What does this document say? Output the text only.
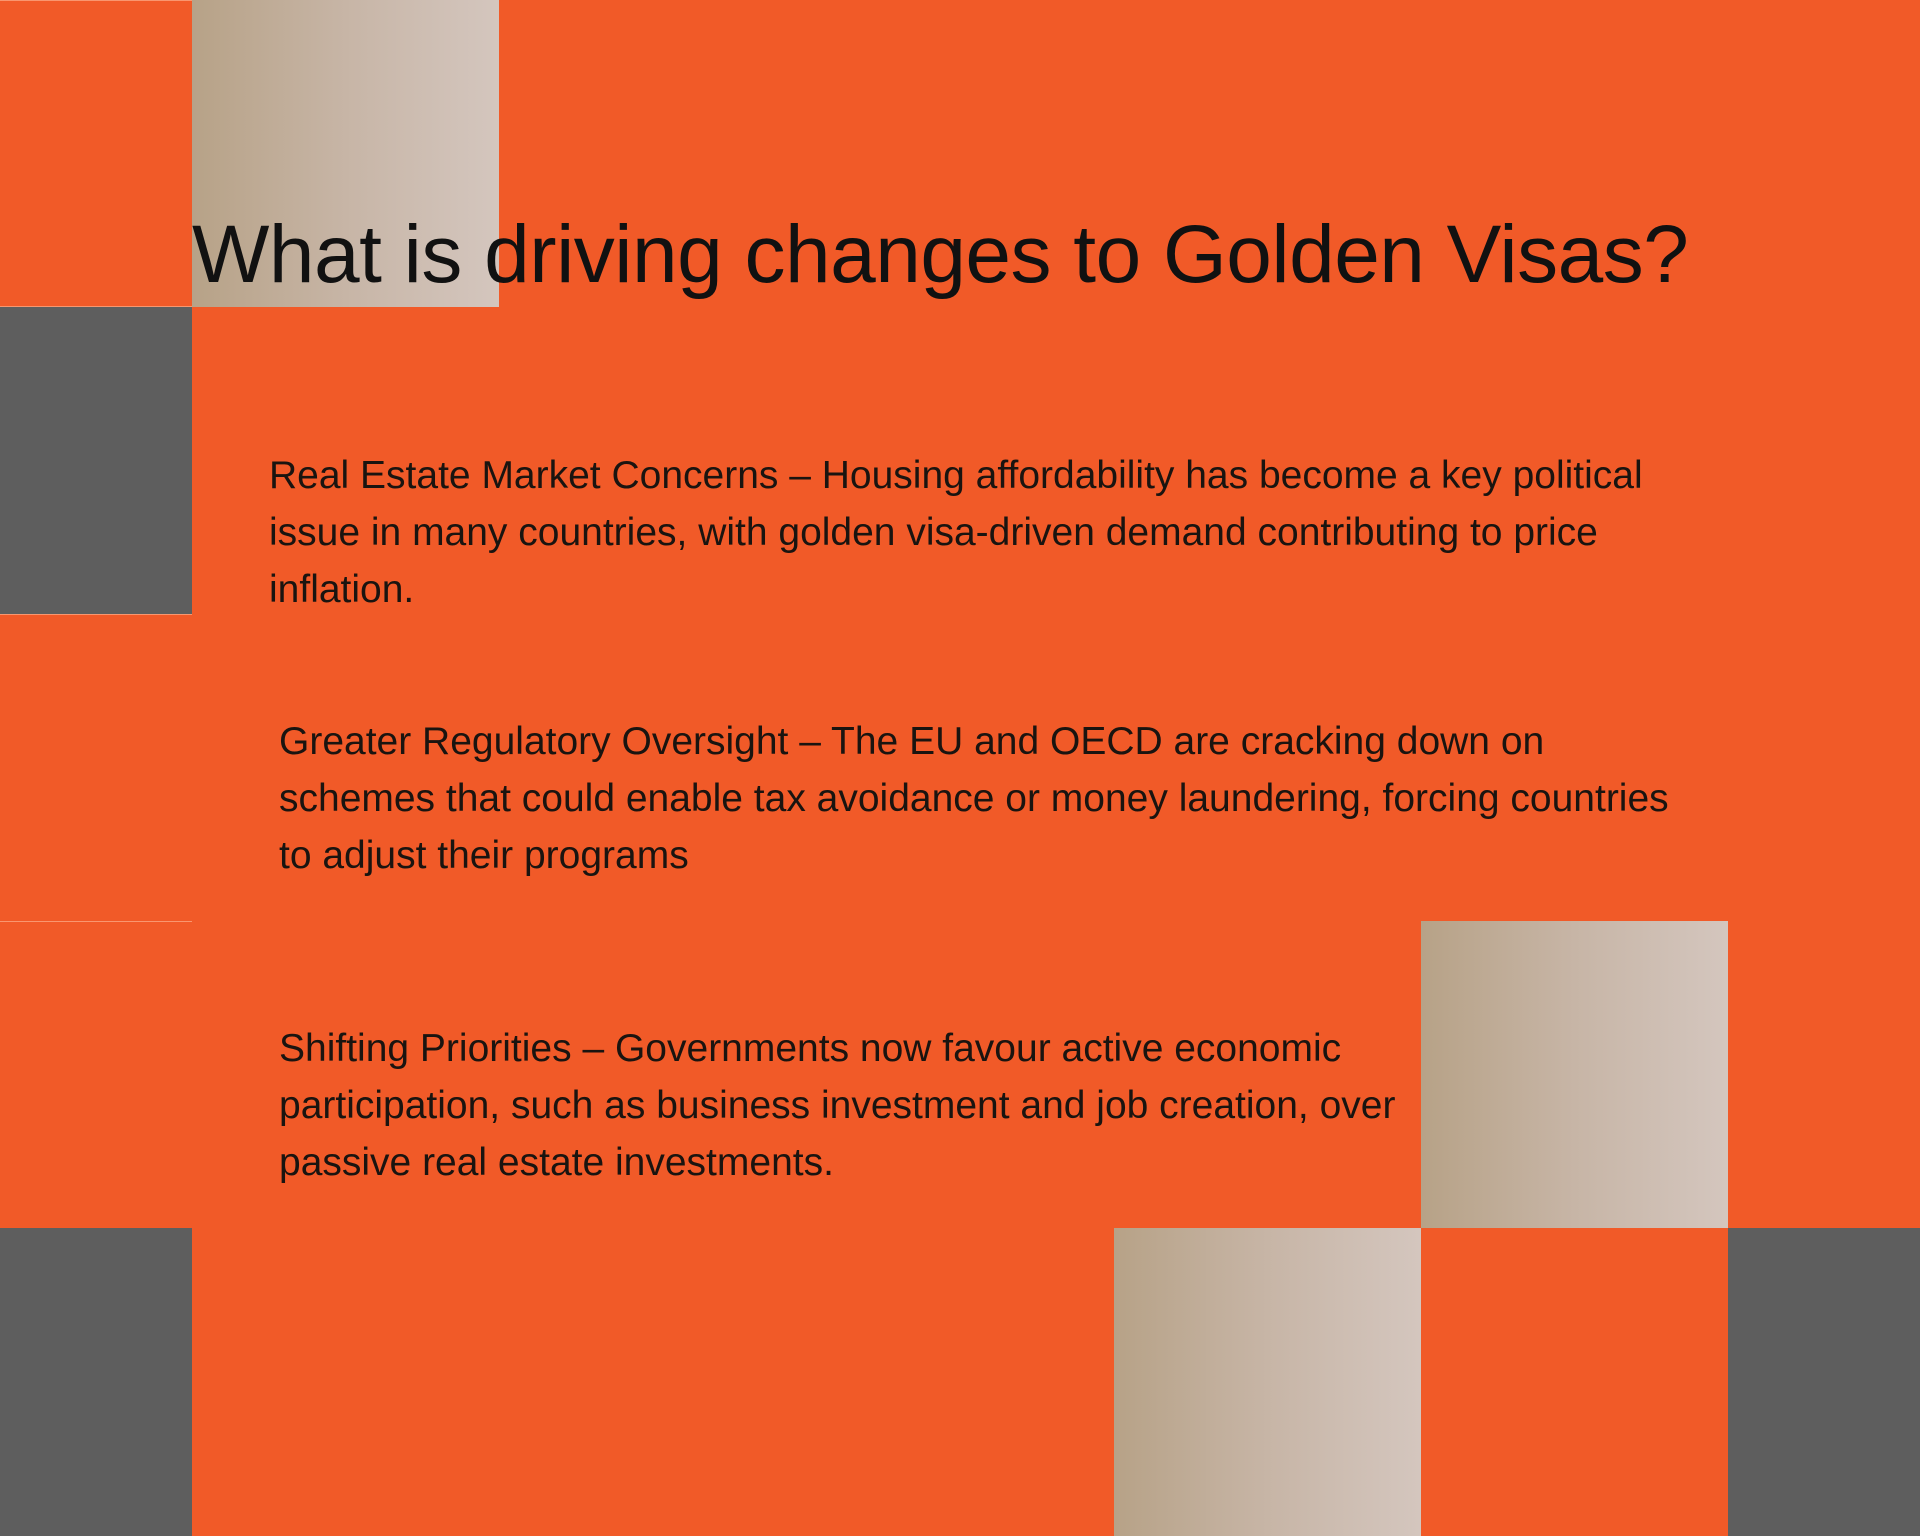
What is driving changes to Golden Visas?

Real Estate Market Concerns – Housing affordability has become a key political issue in many countries, with golden visa-driven demand contributing to price inflation.

Greater Regulatory Oversight – The EU and OECD are cracking down on schemes that could enable tax avoidance or money laundering, forcing countries to adjust their programs

Shifting Priorities – Governments now favour active economic participation, such as business investment and job creation, over passive real estate investments.
